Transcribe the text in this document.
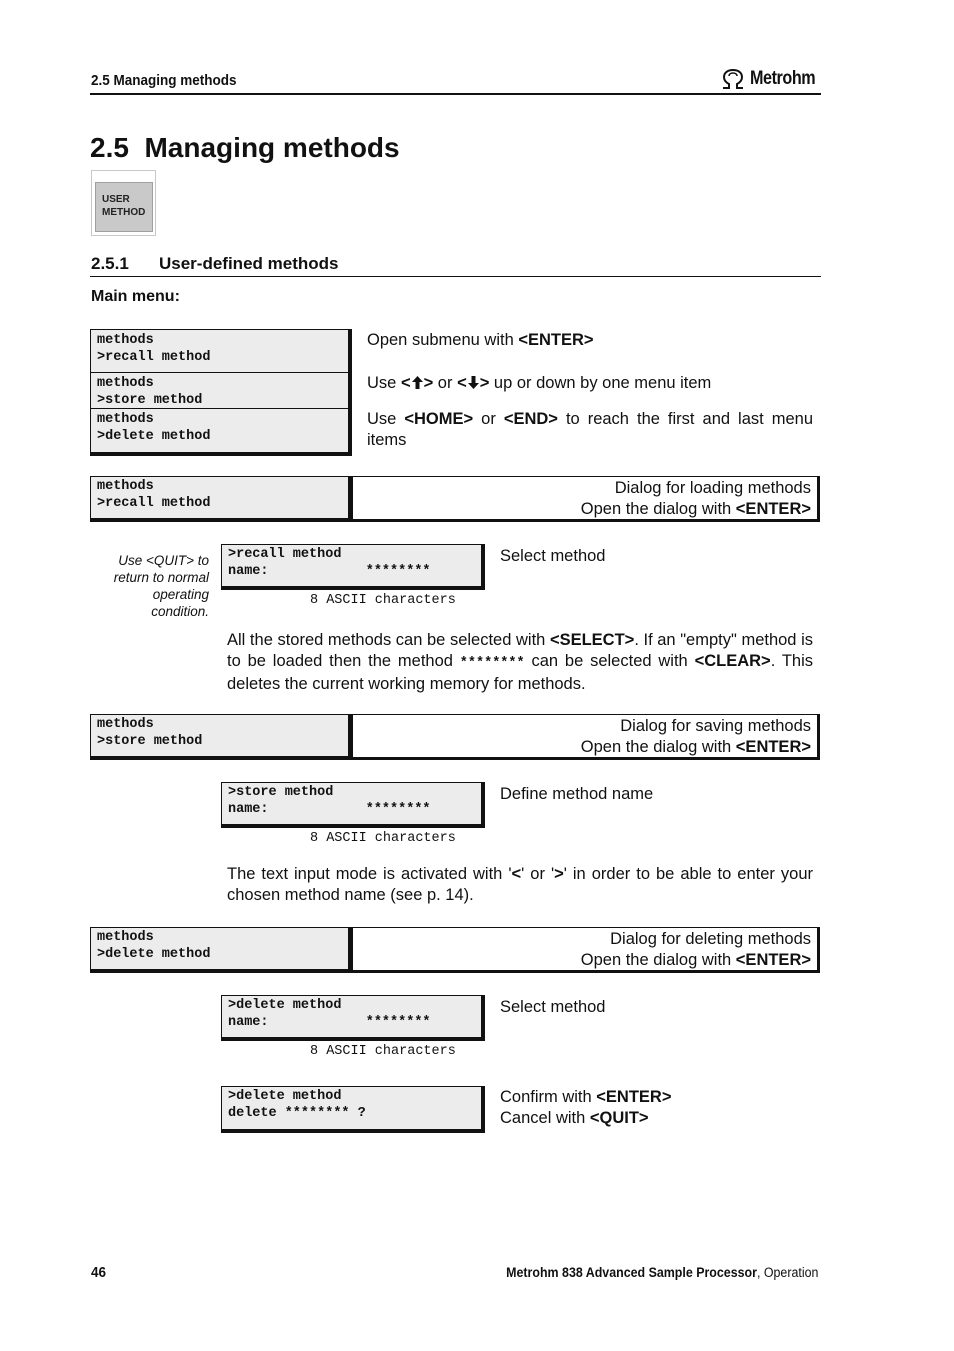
2.5 Managing methods	Metrohm
2.5  Managing methods
USER
METHOD
2.5.1 User-defined methods
Main menu:
methods
>recall method
methods
>store method
methods
>delete method
Open submenu with <ENTER>
Use < > or < > up or down by one menu item
Use <HOME> or <END> to reach the first and last menu items
methods
>recall method
Dialog for loading methods
Open the dialog with <ENTER>
Use <QUIT> to return to normal operating condition.
>recall method
name:            ********
8 ASCII characters
Select method
All the stored methods can be selected with <SELECT>. If an "empty" method is to be loaded then the method ******** can be selected with <CLEAR>. This deletes the current working memory for methods.
methods
>store method
Dialog for saving methods
Open the dialog with <ENTER>
>store method
name:            ********
8 ASCII characters
Define method name
The text input mode is activated with '<' or '>' in order to be able to enter your chosen method name (see p. 14).
methods
>delete method
Dialog for deleting methods
Open the dialog with <ENTER>
>delete method
name:            ********
8 ASCII characters
Select method
>delete method
delete ******** ?
Confirm with <ENTER>
Cancel with <QUIT>
46	Metrohm 838 Advanced Sample Processor, Operation
